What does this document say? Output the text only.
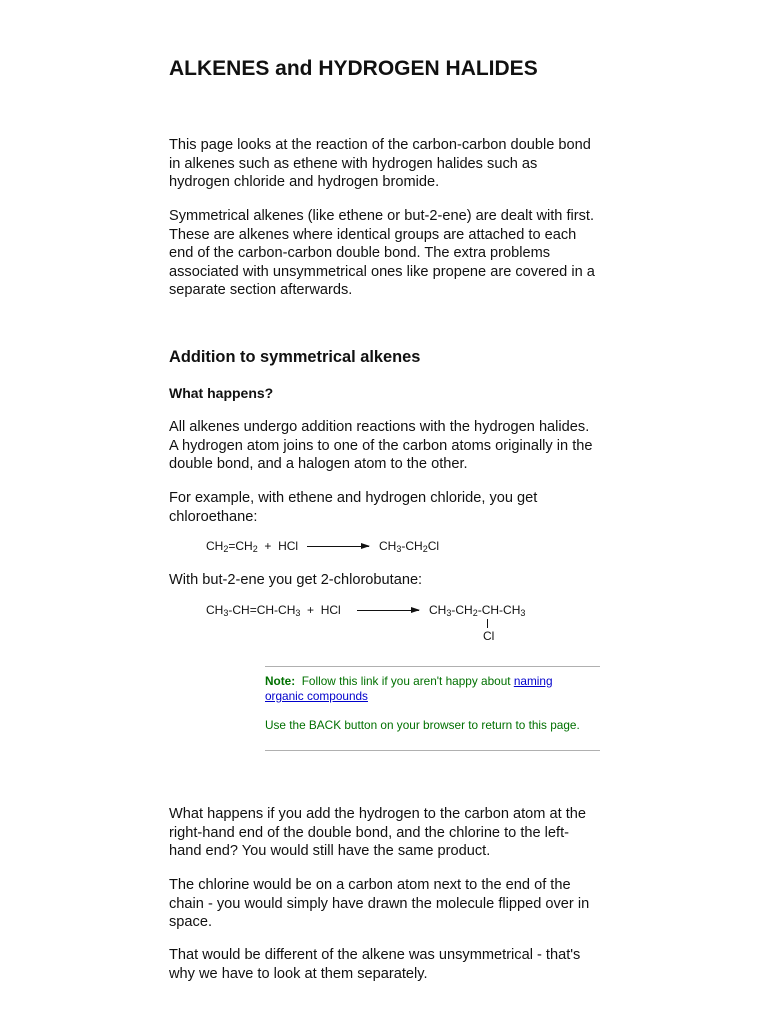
ALKENES and HYDROGEN HALIDES

This page looks at the reaction of the carbon-carbon double bond in alkenes such as ethene with hydrogen halides such as hydrogen chloride and hydrogen bromide.

Symmetrical alkenes (like ethene or but-2-ene) are dealt with first. These are alkenes where identical groups are attached to each end of the carbon-carbon double bond. The extra problems associated with unsymmetrical ones like propene are covered in a separate section afterwards.

Addition to symmetrical alkenes
What happens?

All alkenes undergo addition reactions with the hydrogen halides. A hydrogen atom joins to one of the carbon atoms originally in the double bond, and a halogen atom to the other.

For example, with ethene and hydrogen chloride, you get chloroethane:

$CH_2=CH_2$  +  HCl → $CH_3-CH_2Cl$

With but-2-ene you get 2-chlorobutane:

$CH_3-CH=CH-CH_3$  +  HCl → $CH_3-CH_2-CH-CH_3$
Cl
Note: Follow this link if you aren't happy about naming organic compounds
Use the BACK button on your browser to return to this page.

What happens if you add the hydrogen to the carbon atom at the right-hand end of the double bond, and the chlorine to the left-hand end? You would still have the same product.

The chlorine would be on a carbon atom next to the end of the chain - you would simply have drawn the molecule flipped over in space.

That would be different of the alkene was unsymmetrical - that's why we have to look at them separately.
